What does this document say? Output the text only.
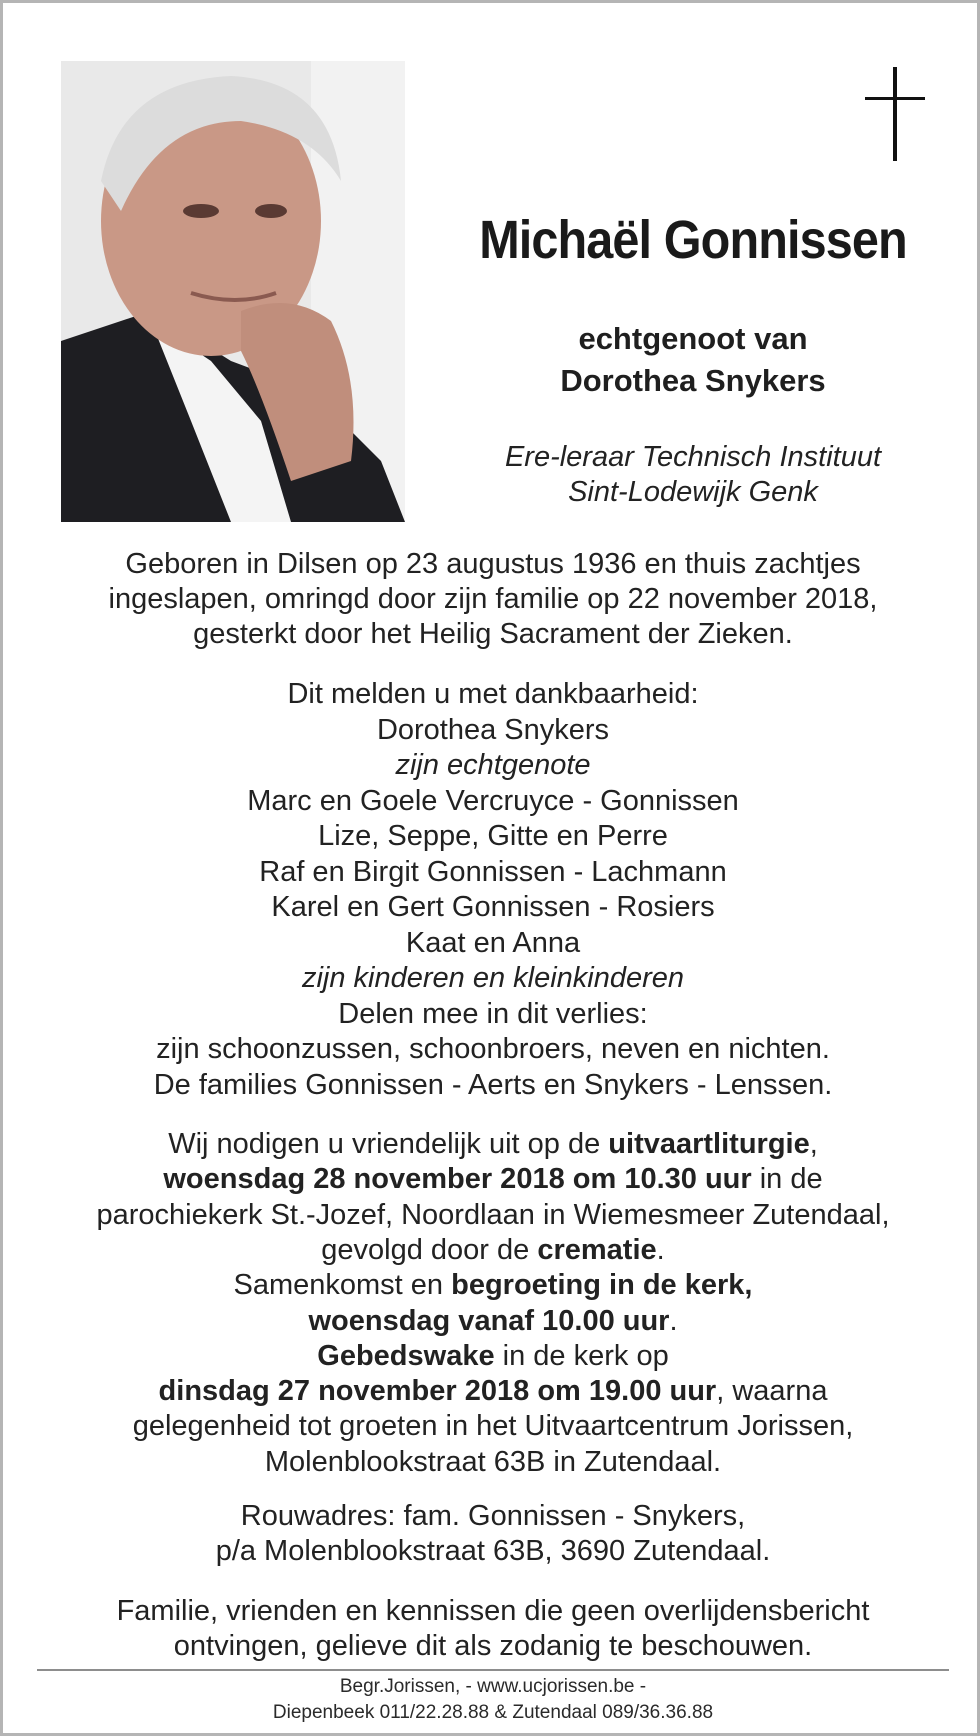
Michaël Gonnissen
echtgenoot van
Dorothea Snykers
Ere-leraar Technisch Instituut
Sint-Lodewijk Genk
Geboren in Dilsen op 23 augustus 1936 en thuis zachtjes
ingeslapen, omringd door zijn familie op 22 november 2018,
gesterkt door het Heilig Sacrament der Zieken.
Dit melden u met dankbaarheid:
Dorothea Snykers
zijn echtgenote
Marc en Goele Vercruyce - Gonnissen
Lize, Seppe, Gitte en Perre
Raf en Birgit Gonnissen - Lachmann
Karel en Gert Gonnissen - Rosiers
Kaat en Anna
zijn kinderen en kleinkinderen
Delen mee in dit verlies:
zijn schoonzussen, schoonbroers, neven en nichten.
De families Gonnissen - Aerts en Snykers - Lenssen.
Wij nodigen u vriendelijk uit op de uitvaartliturgie,
woensdag 28 november 2018 om 10.30 uur in de
parochiekerk St.-Jozef, Noordlaan in Wiemesmeer Zutendaal,
gevolgd door de crematie.
Samenkomst en begroeting in de kerk,
woensdag vanaf 10.00 uur.
Gebedswake in de kerk op
dinsdag 27 november 2018 om 19.00 uur, waarna
gelegenheid tot groeten in het Uitvaartcentrum Jorissen,
Molenblookstraat 63B in Zutendaal.
Rouwadres: fam. Gonnissen - Snykers,
p/a Molenblookstraat 63B, 3690 Zutendaal.
Familie, vrienden en kennissen die geen overlijdensbericht
ontvingen, gelieve dit als zodanig te beschouwen.
Begr.Jorissen, - www.ucjorissen.be -
Diepenbeek 011/22.28.88 & Zutendaal 089/36.36.88
